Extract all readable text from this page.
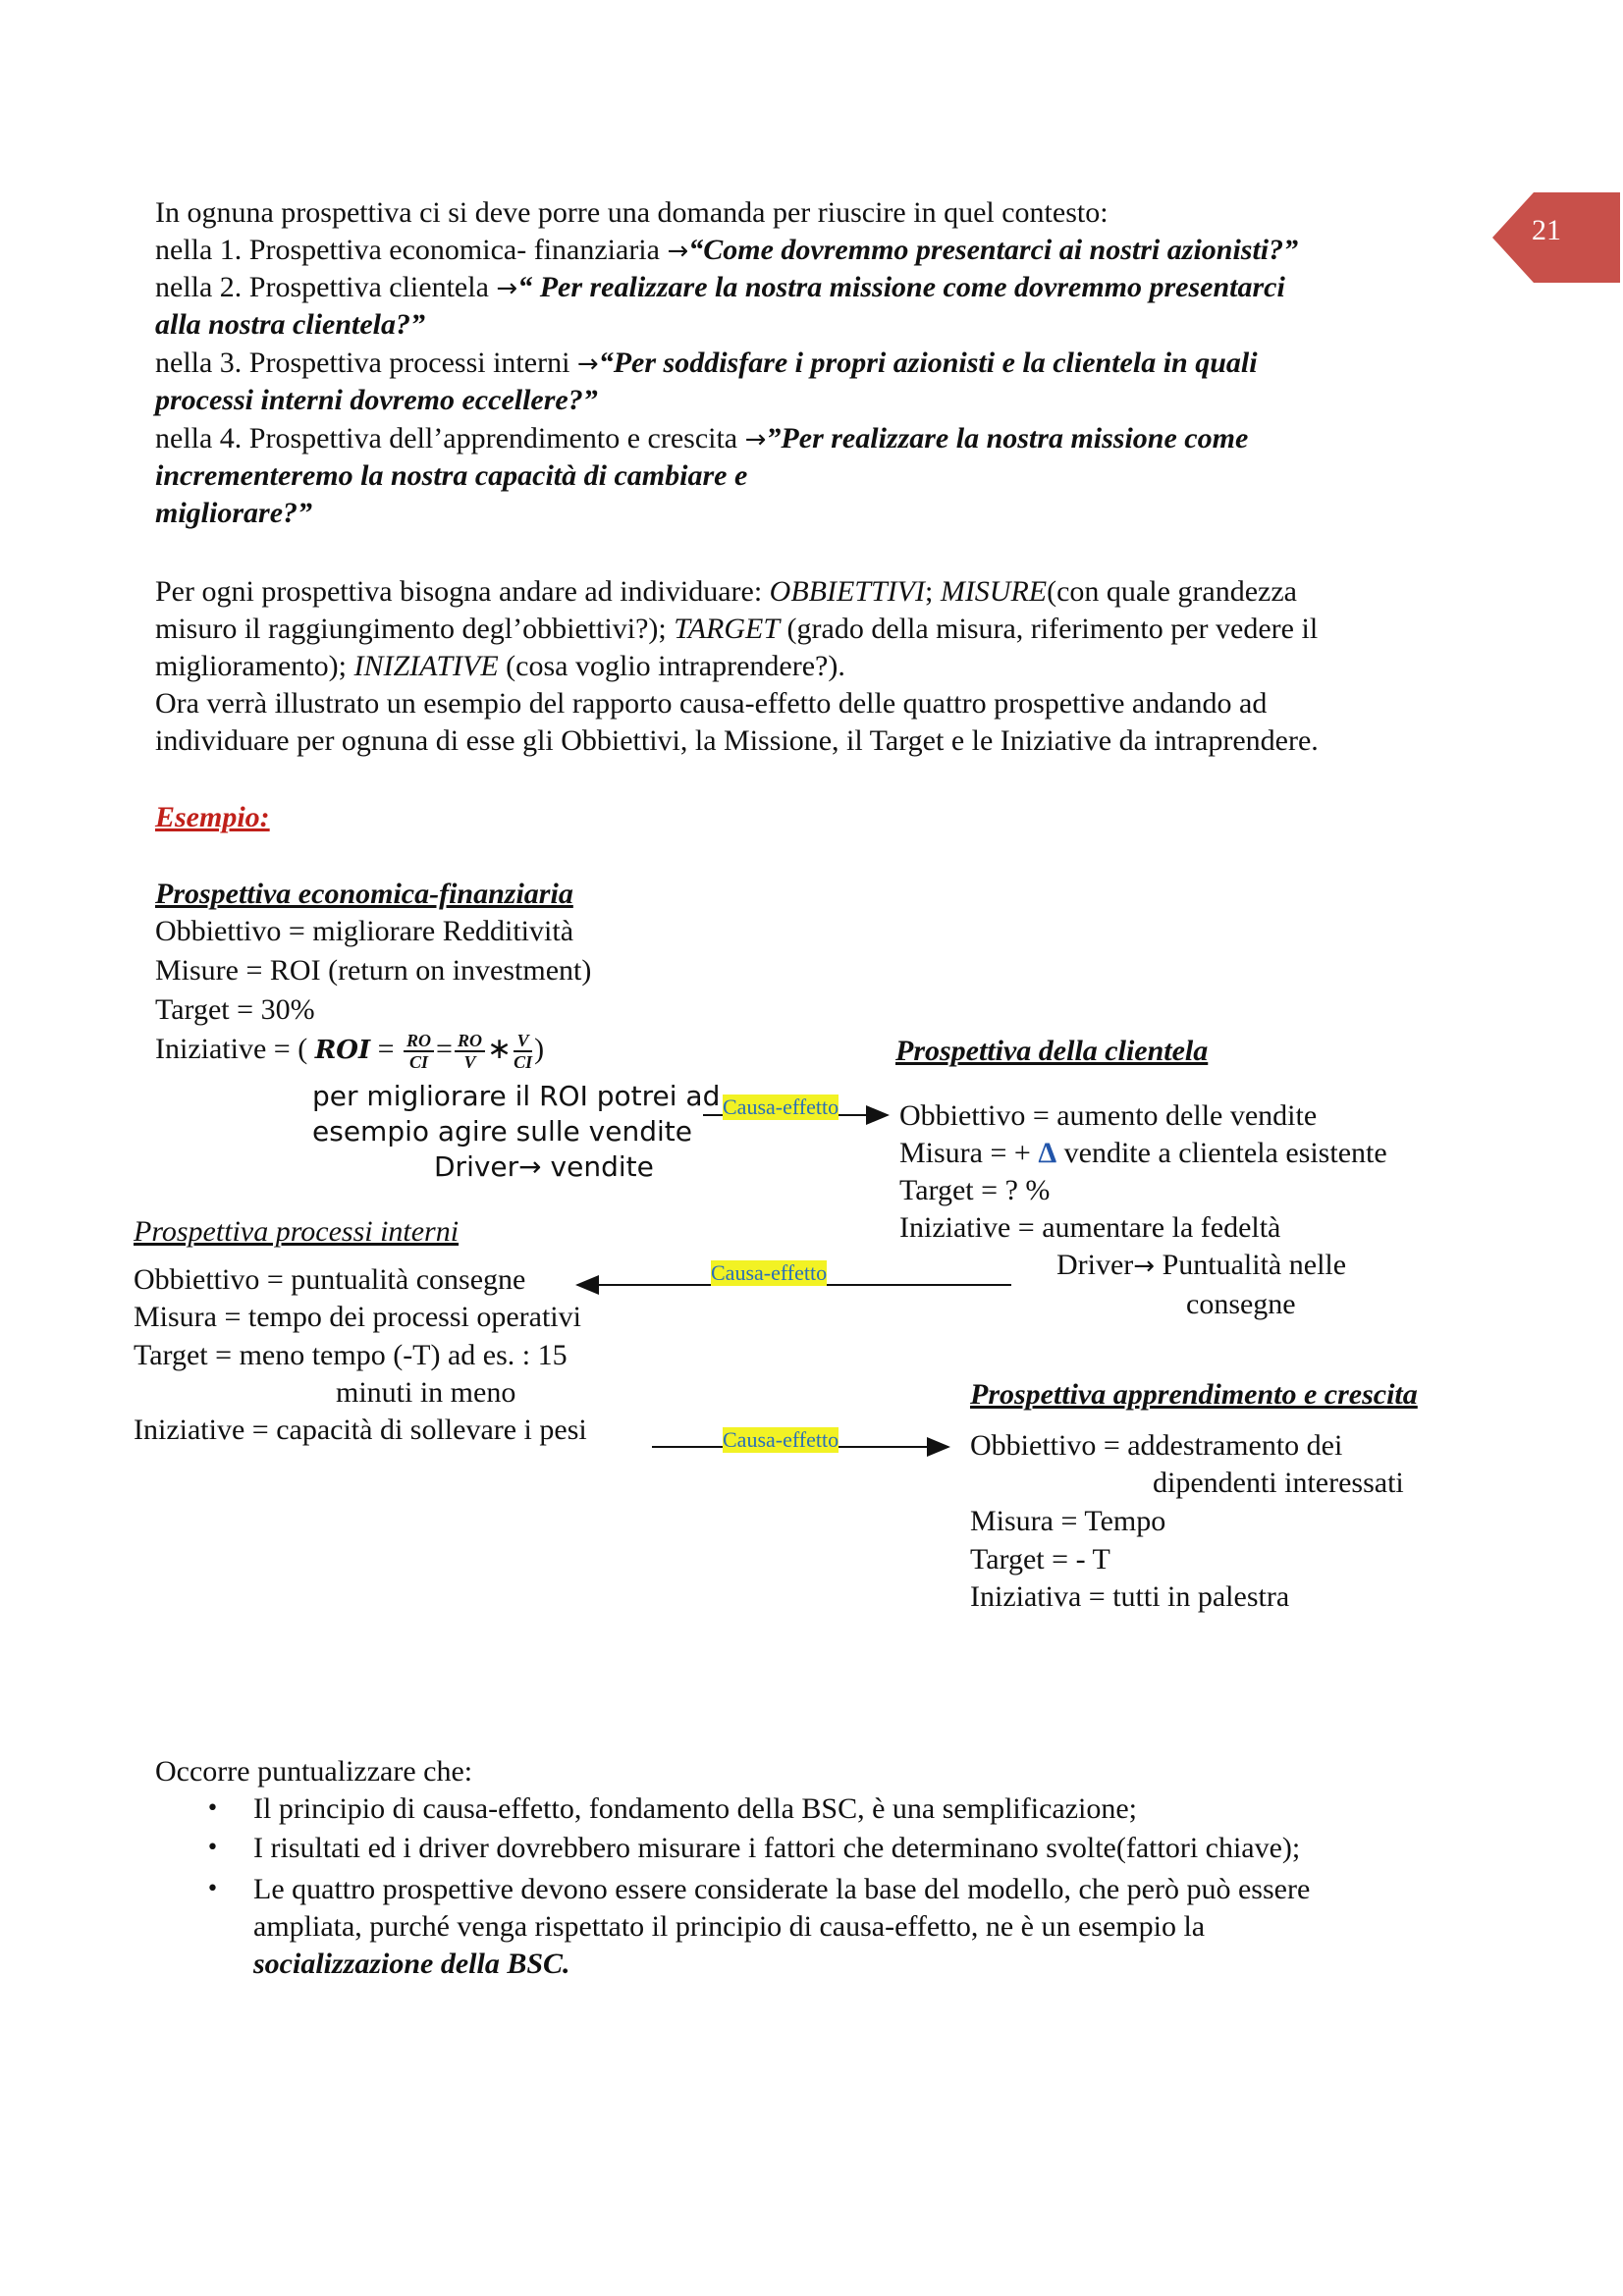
21
In ognuna prospettiva ci si deve porre una domanda per riuscire in quel contesto:
nella 1. Prospettiva economica- finanziaria →“Come dovremmo presentarci ai nostri azionisti?”
nella 2. Prospettiva clientela →“ Per realizzare la nostra missione come dovremmo presentarci
alla nostra clientela?”
nella 3. Prospettiva processi interni →“Per soddisfare i propri azionisti e la clientela in quali
processi interni dovremo eccellere?”
nella 4. Prospettiva dell’apprendimento e crescita →”Per realizzare la nostra missione come
incrementeremo la nostra capacità di cambiare e
migliorare?”
Per ogni prospettiva bisogna andare ad individuare: OBBIETTIVI; MISURE(con quale grandezza
misuro il raggiungimento degl’obbiettivi?); TARGET (grado della misura, riferimento per vedere il
miglioramento); INIZIATIVE (cosa voglio intraprendere?).
Ora verrà illustrato un esempio del rapporto causa-effetto delle quattro prospettive andando ad
individuare per ognuna di esse gli Obbiettivi, la Missione, il Target e le Iniziative da intraprendere.
Esempio:
Prospettiva economica-finanziaria
Obbiettivo = migliorare Redditività
Misure = ROI (return on investment)
Target = 30%
Iniziative = ( ROI = $\frac{RO}{CI} = \frac{RO}{V}$ ∗ $\frac{V}{CI}$ )
per migliorare il ROI potrei ad
esempio agire sulle vendite
Driver→ vendite
Prospettiva della clientela
Obbiettivo = aumento delle vendite
Misura = + Δ vendite a clientela esistente
Target = ? %
Iniziative = aumentare la fedeltà
Driver→ Puntualità nelle
consegne
Prospettiva processi interni
Obbiettivo = puntualità consegne
Misura = tempo dei processi operativi
Target = meno tempo (-T) ad es. : 15
minuti in meno
Iniziative = capacità di sollevare i pesi
Prospettiva apprendimento e crescita
Obbiettivo = addestramento dei
dipendenti interessati
Misura = Tempo
Target = - T
Iniziativa = tutti in palestra
Causa-effetto
Causa-effetto
Causa-effetto
Occorre puntualizzare che:
• Il principio di causa-effetto, fondamento della BSC, è una semplificazione;
• I risultati ed i driver dovrebbero misurare i fattori che determinano svolte(fattori chiave);
• Le quattro prospettive devono essere considerate la base del modello, che però può essere
ampliata, purché venga rispettato il principio di causa-effetto, ne è un esempio la
socializzazione della BSC.
